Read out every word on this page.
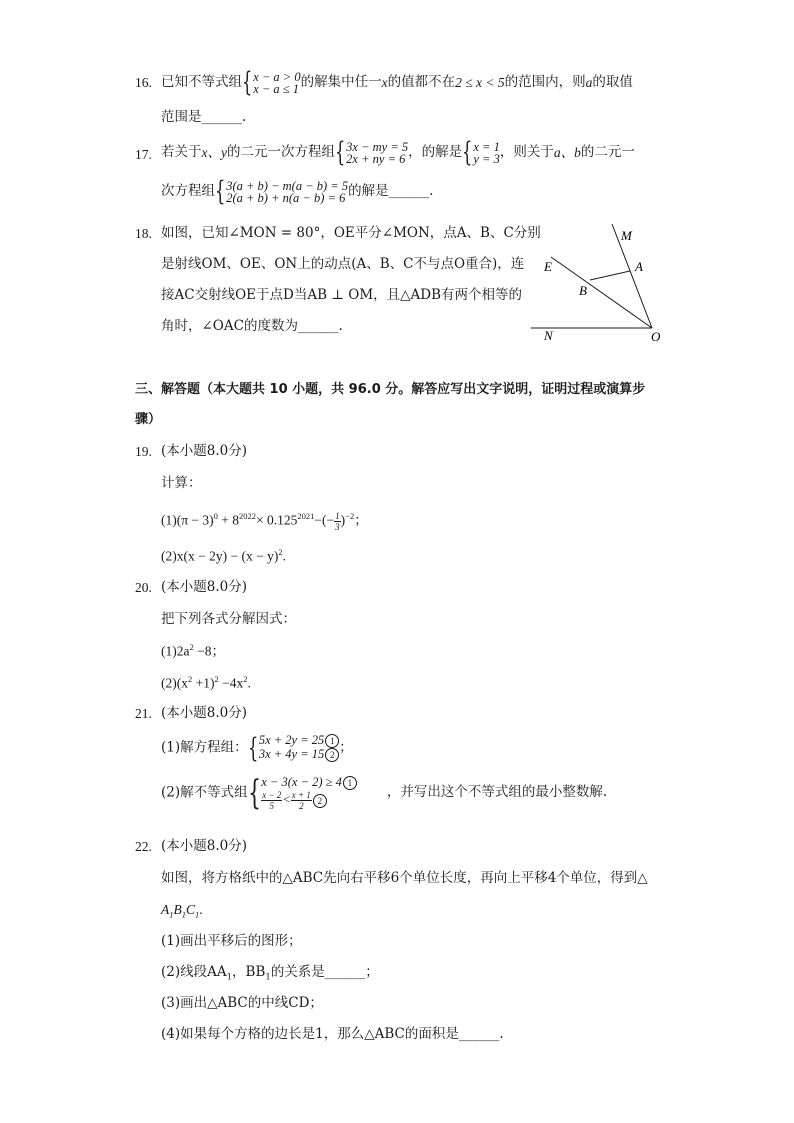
16. 已知不等式组{ x − a > 0
x − a ≤ 1 的解集中任一x的值都不在2 ≤ x < 5的范围内，则a的取值
范围是______.
17. 若关于x、y的二元一次方程组{ 3x − my = 5
2x + ny = 6 ，的解是{ x = 1
y = 3 ，则关于a、b的二元一
次方程组{ 3(a + b) − m(a − b) = 5
2(a + b) + n(a − b) = 6 的解是______.
18. 如图，已知∠MON = 80°，OE平分∠MON，点A、B、C分别
是射线OM、OE、ON上的动点(A、B、C不与点O重合)，连
接AC交射线OE于点D当AB ⊥ OM，且△ADB有两个相等的
角时，∠OAC的度数为______.
M
A
E
B
N	O
三、解答题（本大题共 10 小题，共 96.0 分。解答应写出文字说明，证明过程或演算步
骤）
19. (本小题8.0分)
计算：
$(1)(\pi - 3)^0 + 8^{2022}\times 0.125^{2021}-(- \frac{1}{3} )^{-2}$；
$(2)x(x - 2y) - (x - y)^2$.
20. (本小题8.0分)
把下列各式分解因式：
$(1)2a^2 -8$；
$(2)(x^2 +1)^2 -4x^2$.
21. (本小题8.0分)
(1)解方程组：{ 5x + 2y = 25 1
3x + 4y = 15 2 ；
(2)解不等式组{ x − 3(x − 2) ≥ 4 1
$\frac{x - 2}{5} < \frac{x + 1}{2} 2$
，并写出这个不等式组的最小整数解.
22. (本小题8.0分)
如图，将方格纸中的△ABC先向右平移6个单位长度，再向上平移4个单位，得到△
$A_1B_1C_1$.
(1)画出平移后的图形；
(2)线段$AA_1$，$BB_1$的关系是______；
(3)画出△ABC的中线CD；
(4)如果每个方格的边长是1，那么△ABC的面积是______.
